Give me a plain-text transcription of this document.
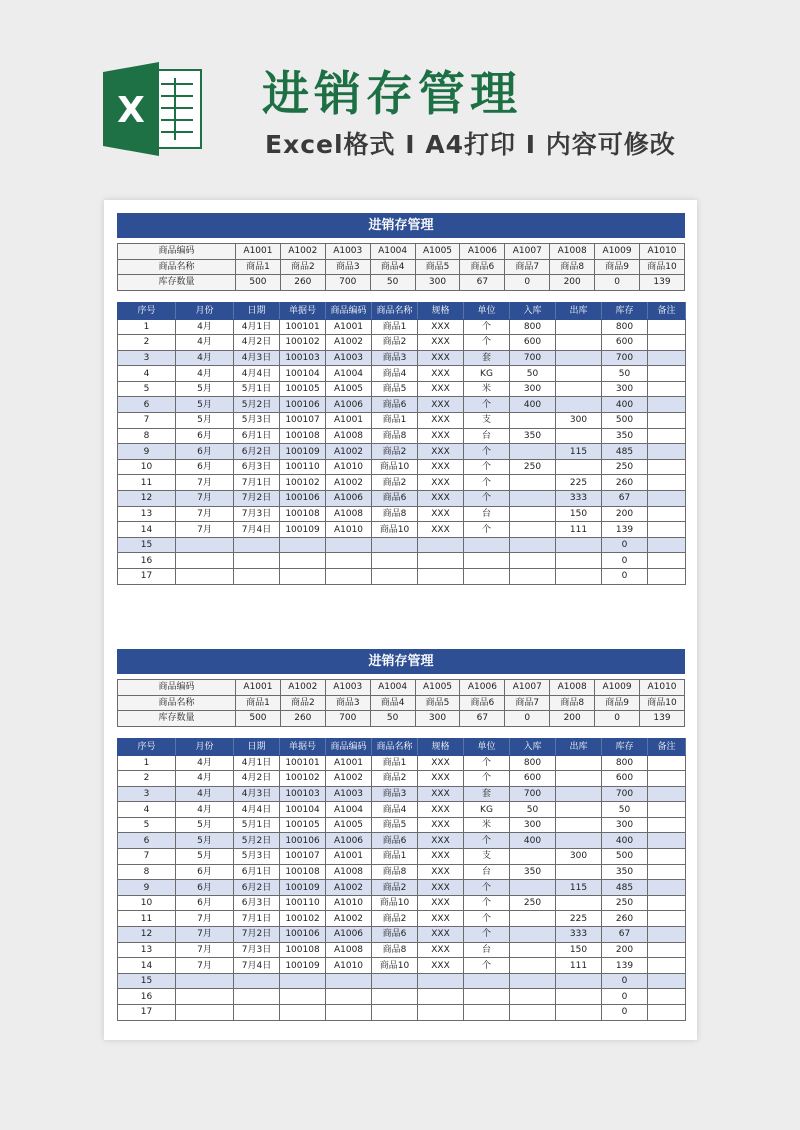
X 进销存管理
Excel格式 I A4打印 I 内容可修改
进销存管理
商品编码	A1001	A1002	A1003	A1004	A1005	A1006	A1007	A1008	A1009	A1010
商品名称	商品1	商品2	商品3	商品4	商品5	商品6	商品7	商品8	商品9	商品10
库存数量	500	260	700	50	300	67	0	200	0	139
序号	月份	日期	单据号	商品编码	商品名称	规格	单位	入库	出库	库存	备注
1	4月	4月1日	100101	A1001	商品1	XXX	个	800		800	
2	4月	4月2日	100102	A1002	商品2	XXX	个	600		600	
3	4月	4月3日	100103	A1003	商品3	XXX	套	700		700	
4	4月	4月4日	100104	A1004	商品4	XXX	KG	50		50	
5	5月	5月1日	100105	A1005	商品5	XXX	米	300		300	
6	5月	5月2日	100106	A1006	商品6	XXX	个	400		400	
7	5月	5月3日	100107	A1001	商品1	XXX	支		300	500	
8	6月	6月1日	100108	A1008	商品8	XXX	台	350		350	
9	6月	6月2日	100109	A1002	商品2	XXX	个		115	485	
10	6月	6月3日	100110	A1010	商品10	XXX	个	250		250	
11	7月	7月1日	100102	A1002	商品2	XXX	个		225	260	
12	7月	7月2日	100106	A1006	商品6	XXX	个		333	67	
13	7月	7月3日	100108	A1008	商品8	XXX	台		150	200	
14	7月	7月4日	100109	A1010	商品10	XXX	个		111	139	
15										0	
16										0	
17										0	
进销存管理
商品编码	A1001	A1002	A1003	A1004	A1005	A1006	A1007	A1008	A1009	A1010
商品名称	商品1	商品2	商品3	商品4	商品5	商品6	商品7	商品8	商品9	商品10
库存数量	500	260	700	50	300	67	0	200	0	139
序号	月份	日期	单据号	商品编码	商品名称	规格	单位	入库	出库	库存	备注
1	4月	4月1日	100101	A1001	商品1	XXX	个	800		800	
2	4月	4月2日	100102	A1002	商品2	XXX	个	600		600	
3	4月	4月3日	100103	A1003	商品3	XXX	套	700		700	
4	4月	4月4日	100104	A1004	商品4	XXX	KG	50		50	
5	5月	5月1日	100105	A1005	商品5	XXX	米	300		300	
6	5月	5月2日	100106	A1006	商品6	XXX	个	400		400	
7	5月	5月3日	100107	A1001	商品1	XXX	支		300	500	
8	6月	6月1日	100108	A1008	商品8	XXX	台	350		350	
9	6月	6月2日	100109	A1002	商品2	XXX	个		115	485	
10	6月	6月3日	100110	A1010	商品10	XXX	个	250		250	
11	7月	7月1日	100102	A1002	商品2	XXX	个		225	260	
12	7月	7月2日	100106	A1006	商品6	XXX	个		333	67	
13	7月	7月3日	100108	A1008	商品8	XXX	台		150	200	
14	7月	7月4日	100109	A1010	商品10	XXX	个		111	139	
15										0	
16										0	
17										0	
